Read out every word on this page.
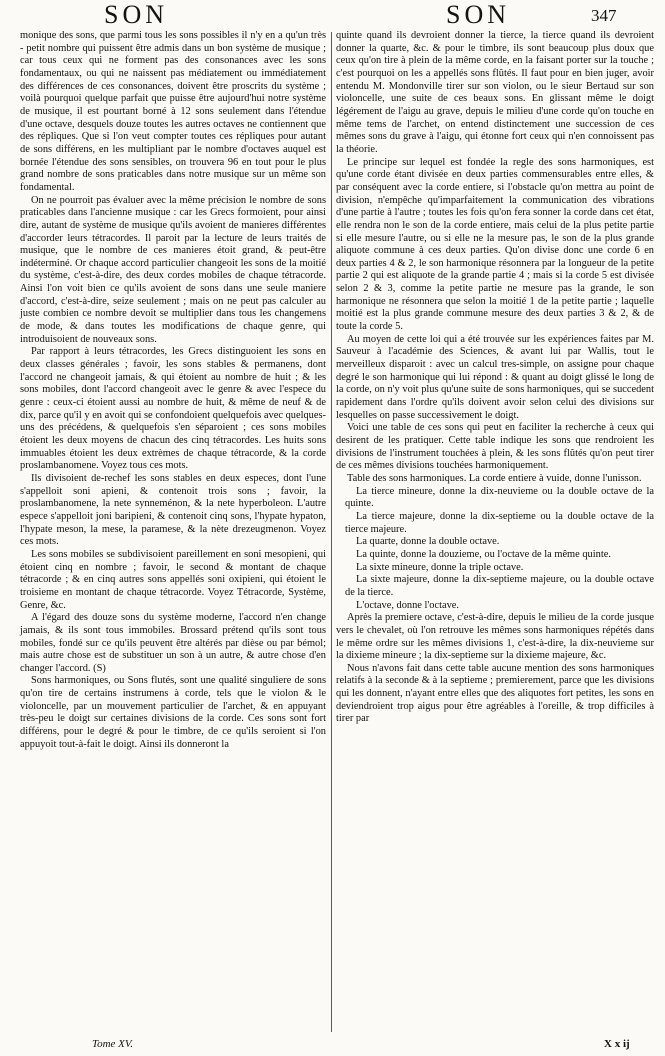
SON	SON	347

monique des sons, que parmi tous les sons possibles il n'y en a qu'un très - petit nombre qui puissent être admis dans un bon système de musique ; car tous ceux qui ne forment pas des consonances avec les sons fondamentaux, ou qui ne naissent pas médiatement ou immédiatement des différences de ces consonances, doivent être proscrits du système ; voilà pourquoi quelque parfait que puisse être aujourd'hui notre système de musique, il est pourtant borné à 12 sons seulement dans l'étendue d'une octave, desquels douze toutes les autres octaves ne contiennent que des répliques. Que si l'on veut compter toutes ces répliques pour autant de sons différens, en les multipliant par le nombre d'octaves auquel est bornée l'étendue des sons sensibles, on trouvera 96 en tout pour le plus grand nombre de sons praticables dans notre musique sur un même son fondamental.

On ne pourroit pas évaluer avec la même précision le nombre de sons praticables dans l'ancienne musique : car les Grecs formoient, pour ainsi dire, autant de système de musique qu'ils avoient de manieres différentes d'accorder leurs tétracordes. Il paroit par la lecture de leurs traités de musique, que le nombre de ces manieres étoit grand, & peut-être indéterminé. Or chaque accord particulier changeoit les sons de la moitié du système, c'est-à-dire, des deux cordes mobiles de chaque tétracorde. Ainsi l'on voit bien ce qu'ils avoient de sons dans une seule maniere d'accord, c'est-à-dire, seize seulement ; mais on ne peut pas calculer au juste combien ce nombre devoit se multiplier dans tous les changemens de mode, & dans toutes les modifications de chaque genre, qui introduisoient de nouveaux sons.

Par rapport à leurs tétracordes, les Grecs distinguoient les sons en deux classes générales ; favoir, les sons stables & permanens, dont l'accord ne changeoit jamais, & qui étoient au nombre de huit ; & les sons mobiles, dont l'accord changeoit avec le genre & avec l'espece du genre : ceux-ci étoient aussi au nombre de huit, & même de neuf & de dix, parce qu'il y en avoit qui se confondoient quelquefois avec quelques-uns des précédens, & quelquefois s'en séparoient ; ces sons mobiles étoient les deux moyens de chacun des cinq tétracordes. Les huits sons immuables étoient les deux extrèmes de chaque tétracorde, & la corde proslambanomene. Voyez tous ces mots.

Ils divisoient de-rechef les sons stables en deux especes, dont l'une s'appelloit soni apieni, & contenoit trois sons ; favoir, la proslambanomene, la nete synneménon, & la nete hyperboleon. L'autre espece s'appelloit joni baripieni, & contenoit cinq sons, l'hypate hypaton, l'hypate meson, la mese, la paramese, & la nète drezeugmenon. Voyez ces mots.

Les sons mobiles se subdivisoient pareillement en soni mesopieni, qui étoient cinq en nombre ; favoir, le second & montant de chaque tétracorde ; & en cinq autres sons appellés soni oxipieni, qui étoient le troisieme en montant de chaque tétracorde. Voyez Tétracorde, Système, Genre, &c.

A l'égard des douze sons du système moderne, l'accord n'en change jamais, & ils sont tous immobiles. Brossard prétend qu'ils sont tous mobiles, fondé sur ce qu'ils peuvent être altérés par dièse ou par bémol; mais autre chose est de substituer un son à un autre, & autre chose d'en changer l'accord. (S)

Sons harmoniques, ou Sons flutés, sont une qualité singuliere de sons qu'on tire de certains instrumens à corde, tels que le violon & le violoncelle, par un mouvement particulier de l'archet, & en appuyant très-peu le doigt sur certaines divisions de la corde. Ces sons sont fort différens, pour le degré & pour le timbre, de ce qu'ils seroient si l'on appuyoit tout-à-fait le doigt. Ainsi ils donneront la

quinte quand ils devroient donner la tierce, la tierce quand ils devroient donner la quarte, &c. & pour le timbre, ils sont beaucoup plus doux que ceux qu'on tire à plein de la même corde, en la faisant porter sur la touche ; c'est pourquoi on les a appellés sons flûtés. Il faut pour en bien juger, avoir entendu M. Mondonville tirer sur son violon, ou le sieur Bertaud sur son violoncelle, une suite de ces beaux sons. En glissant même le doigt légérement de l'aigu au grave, depuis le milieu d'une corde qu'on touche en même tems de l'archet, on entend distinctement une succession de ces mêmes sons du grave à l'aigu, qui étonne fort ceux qui n'en connoissent pas la théorie.

Le principe sur lequel est fondée la regle des sons harmoniques, est qu'une corde étant divisée en deux parties commensurables entre elles, & par conséquent avec la corde entiere, si l'obstacle qu'on mettra au point de division, n'empêche qu'imparfaitement la communication des vibrations d'une partie à l'autre ; toutes les fois qu'on fera sonner la corde dans cet état, elle rendra non le son de la corde entiere, mais celui de la plus petite partie si elle mesure l'autre, ou si elle ne la mesure pas, le son de la plus grande aliquote commune à ces deux parties. Qu'on divise donc une corde 6 en deux parties 4 & 2, le son harmonique résonnera par la longueur de la petite partie 2 qui est aliquote de la grande partie 4 ; mais si la corde 5 est divisée selon 2 & 3, comme la petite partie ne mesure pas la grande, le son harmonique ne résonnera que selon la moitié 1 de la petite partie ; laquelle moitié est la plus grande commune mesure des deux parties 3 & 2, & de toute la corde 5.

Au moyen de cette loi qui a été trouvée sur les expériences faites par M. Sauveur à l'académie des Sciences, & avant lui par Wallis, tout le merveilleux disparoit : avec un calcul tres-simple, on assigne pour chaque degré le son harmonique qui lui répond : & quant au doigt glissé le long de la corde, on n'y voit plus qu'une suite de sons harmoniques, qui se succedent rapidement dans l'ordre qu'ils doivent avoir selon celui des divisions sur lesquelles on passe successivement le doigt.

Voici une table de ces sons qui peut en faciliter la recherche à ceux qui desirent de les pratiquer. Cette table indique les sons que rendroient les divisions de l'instrument touchées à plein, & les sons flûtés qu'on peut tirer de ces mêmes divisions touchées harmoniquement.

Table des sons harmoniques. La corde entiere à vuide, donne l'unisson.

La tierce mineure, donne la dix-neuvieme ou la double octave de la quinte.

La tierce majeure, donne la dix-septieme ou la double octave de la tierce majeure.

La quarte, donne la double octave.

La quinte, donne la douzieme, ou l'octave de la même quinte.

La sixte mineure, donne la triple octave.

La sixte majeure, donne la dix-septieme majeure, ou la double octave de la tierce.

L'octave, donne l'octave.

Après la premiere octave, c'est-à-dire, depuis le milieu de la corde jusque vers le chevalet, où l'on retrouve les mêmes sons harmoniques répétés dans le même ordre sur les mêmes divisions 1, c'est-à-dire, la dix-neuvieme sur la dixieme mineure ; la dix-septieme sur la dixieme majeure, &c.

Nous n'avons fait dans cette table aucune mention des sons harmoniques relatifs à la seconde & à la septieme ; premierement, parce que les divisions qui les donnent, n'ayant entre elles que des aliquotes fort petites, les sons en deviendroient trop aigus pour être agréables à l'oreille, & trop difficiles à tirer par

Tome XV.	X x ij
